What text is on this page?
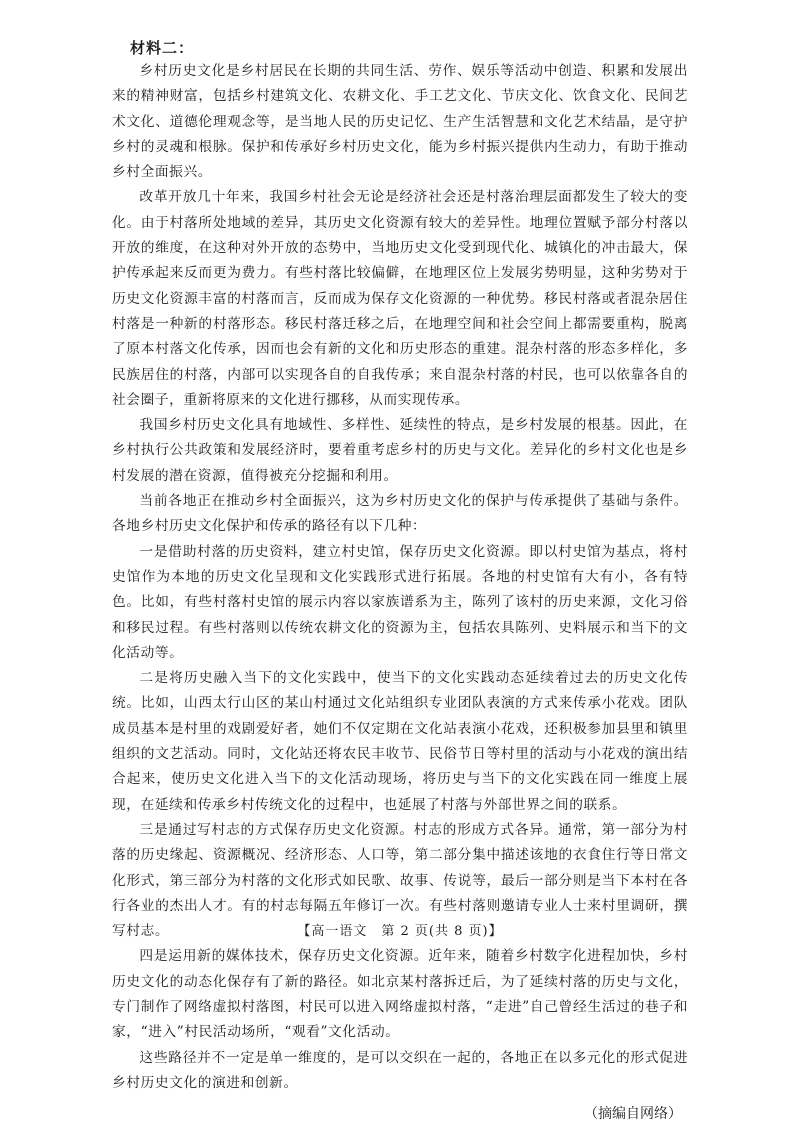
材料二：

乡村历史文化是乡村居民在长期的共同生活、劳作、娱乐等活动中创造、积累和发展出来的精神财富，包括乡村建筑文化、农耕文化、手工艺文化、节庆文化、饮食文化、民间艺术文化、道德伦理观念等，是当地人民的历史记忆、生产生活智慧和文化艺术结晶，是守护乡村的灵魂和根脉。保护和传承好乡村历史文化，能为乡村振兴提供内生动力，有助于推动乡村全面振兴。

改革开放几十年来，我国乡村社会无论是经济社会还是村落治理层面都发生了较大的变化。由于村落所处地域的差异，其历史文化资源有较大的差异性。地理位置赋予部分村落以开放的维度，在这种对外开放的态势中，当地历史文化受到现代化、城镇化的冲击最大，保护传承起来反而更为费力。有些村落比较偏僻，在地理区位上发展劣势明显，这种劣势对于历史文化资源丰富的村落而言，反而成为保存文化资源的一种优势。移民村落或者混杂居住村落是一种新的村落形态。移民村落迁移之后，在地理空间和社会空间上都需要重构，脱离了原本村落文化传承，因而也会有新的文化和历史形态的重建。混杂村落的形态多样化，多民族居住的村落，内部可以实现各自的自我传承；来自混杂村落的村民，也可以依靠各自的社会圈子，重新将原来的文化进行挪移，从而实现传承。

我国乡村历史文化具有地域性、多样性、延续性的特点，是乡村发展的根基。因此，在乡村执行公共政策和发展经济时，要着重考虑乡村的历史与文化。差异化的乡村文化也是乡村发展的潜在资源，值得被充分挖掘和利用。

当前各地正在推动乡村全面振兴，这为乡村历史文化的保护与传承提供了基础与条件。各地乡村历史文化保护和传承的路径有以下几种：

一是借助村落的历史资料，建立村史馆，保存历史文化资源。即以村史馆为基点，将村史馆作为本地的历史文化呈现和文化实践形式进行拓展。各地的村史馆有大有小，各有特色。比如，有些村落村史馆的展示内容以家族谱系为主，陈列了该村的历史来源，文化习俗和移民过程。有些村落则以传统农耕文化的资源为主，包括农具陈列、史料展示和当下的文化活动等。

二是将历史融入当下的文化实践中，使当下的文化实践动态延续着过去的历史文化传统。比如，山西太行山区的某山村通过文化站组织专业团队表演的方式来传承小花戏。团队成员基本是村里的戏剧爱好者，她们不仅定期在文化站表演小花戏，还积极参加县里和镇里组织的文艺活动。同时，文化站还将农民丰收节、民俗节日等村里的活动与小花戏的演出结合起来，使历史文化进入当下的文化活动现场，将历史与当下的文化实践在同一维度上展现，在延续和传承乡村传统文化的过程中，也延展了村落与外部世界之间的联系。

三是通过写村志的方式保存历史文化资源。村志的形成方式各异。通常，第一部分为村落的历史缘起、资源概况、经济形态、人口等，第二部分集中描述该地的衣食住行等日常文化形式，第三部分为村落的文化形式如民歌、故事、传说等，最后一部分则是当下本村在各行各业的杰出人才。有的村志每隔五年修订一次。有些村落则邀请专业人士来村里调研，撰写村志。

四是运用新的媒体技术，保存历史文化资源。近年来，随着乡村数字化进程加快，乡村历史文化的动态化保存有了新的路径。如北京某村落拆迁后，为了延续村落的历史与文化，专门制作了网络虚拟村落图，村民可以进入网络虚拟村落，“走进”自己曾经生活过的巷子和家，“进入”村民活动场所，“观看”文化活动。

这些路径并不一定是单一维度的，是可以交织在一起的，各地正在以多元化的形式促进乡村历史文化的演进和创新。

（摘编自网络）
【高一语文　第 2 页(共 8 页)】
